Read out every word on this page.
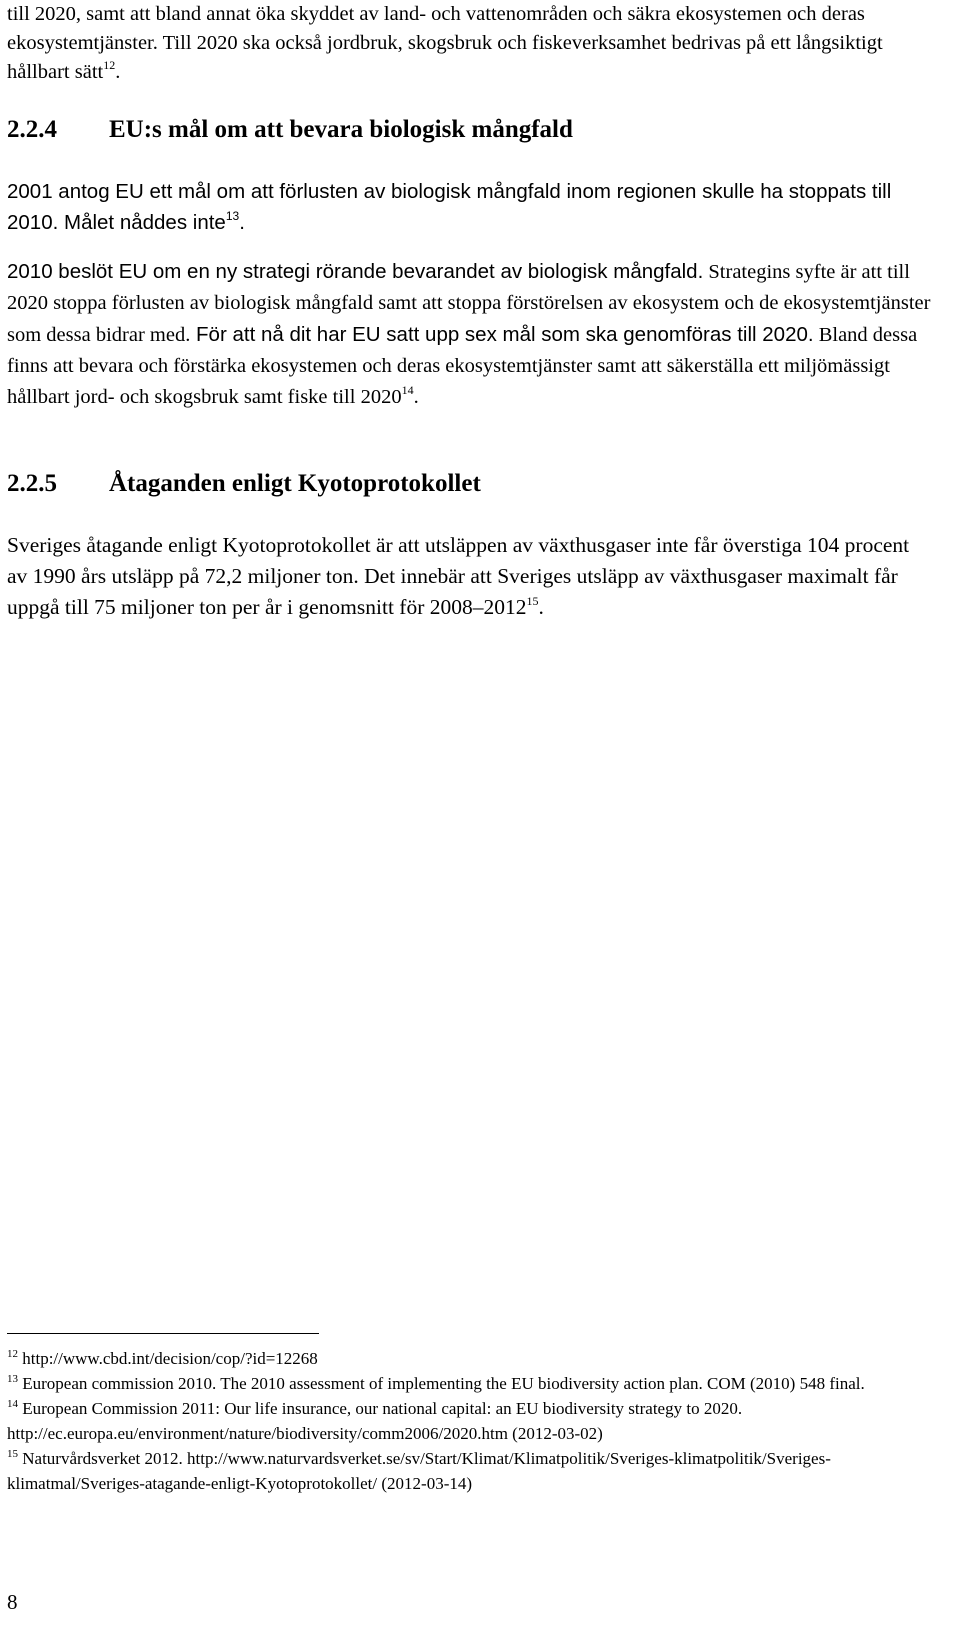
till 2020, samt att bland annat öka skyddet av land- och vattenområden och säkra ekosystemen och deras ekosystemtjänster. Till 2020 ska också jordbruk, skogsbruk och fiskeverksamhet bedrivas på ett långsiktigt hållbart sätt$^{12}$.

2.2.4 EU:s mål om att bevara biologisk mångfald

2001 antog EU ett mål om att förlusten av biologisk mångfald inom regionen skulle ha stoppats till 2010. Målet nåddes inte$^{13}$.

2010 beslöt EU om en ny strategi rörande bevarandet av biologisk mångfald. Strategins syfte är att till 2020 stoppa förlusten av biologisk mångfald samt att stoppa förstörelsen av ekosystem och de ekosystemtjänster som dessa bidrar med. För att nå dit har EU satt upp sex mål som ska genomföras till 2020. Bland dessa finns att bevara och förstärka ekosystemen och deras ekosystemtjänster samt att säkerställa ett miljömässigt hållbart jord- och skogsbruk samt fiske till 2020$^{14}$.

2.2.5 Åtaganden enligt Kyotoprotokollet

Sveriges åtagande enligt Kyotoprotokollet är att utsläppen av växthusgaser inte får överstiga 104 procent av 1990 års utsläpp på 72,2 miljoner ton. Det innebär att Sveriges utsläpp av växthusgaser maximalt får uppgå till 75 miljoner ton per år i genomsnitt för 2008–2012$^{15}$.

$^{12}$ http://www.cbd.int/decision/cop/?id=12268

$^{13}$ European commission 2010. The 2010 assessment of implementing the EU biodiversity action plan. COM (2010) 548 final.

$^{14}$ European Commission 2011: Our life insurance, our national capital: an EU biodiversity strategy to 2020. http://ec.europa.eu/environment/nature/biodiversity/comm2006/2020.htm (2012-03-02)

$^{15}$ Naturvårdsverket 2012. http://www.naturvardsverket.se/sv/Start/Klimat/Klimatpolitik/Sveriges-klimatpolitik/Sveriges-klimatmal/Sveriges-atagande-enligt-Kyotoprotokollet/ (2012-03-14)

8
